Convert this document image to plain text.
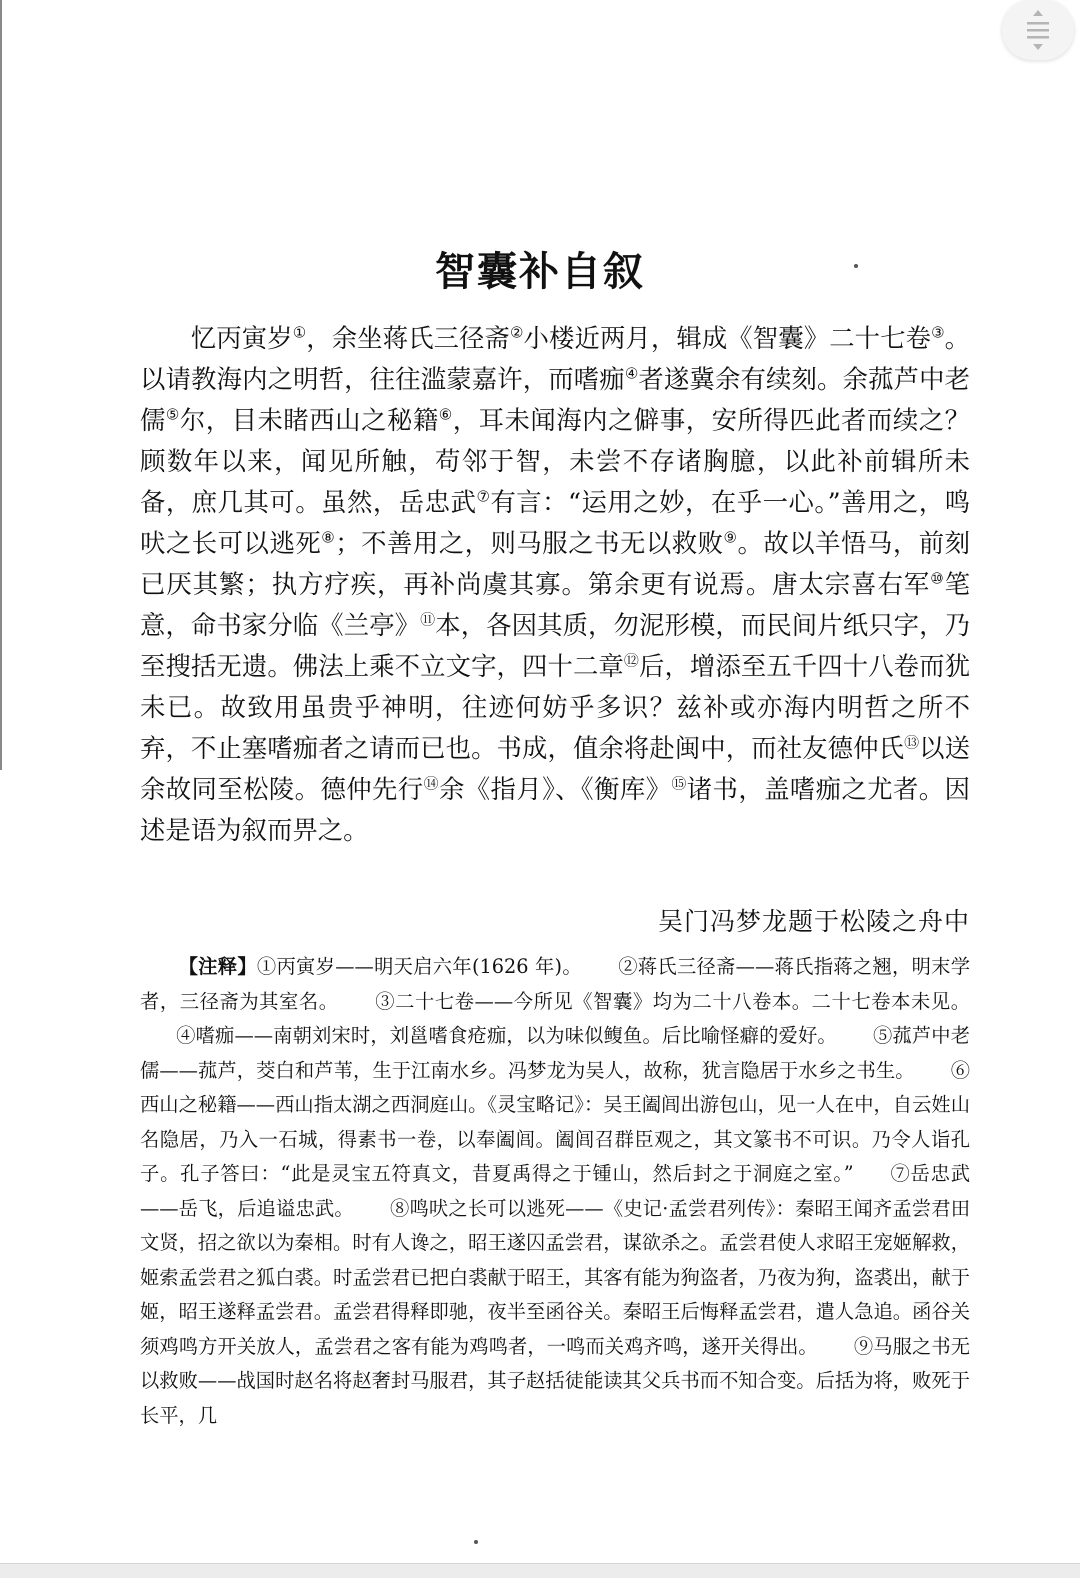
智囊补自叙

忆丙寅岁①，余坐蒋氏三径斋②小楼近两月，辑成《智囊》二十七卷③。以请教海内之明哲，往往滥蒙嘉许，而嗜痂④者遂冀余有续刻。余菰芦中老儒⑤尔，目未睹西山之秘籍⑥，耳未闻海内之僻事，安所得匹此者而续之？顾数年以来，闻见所触，苟邻于智，未尝不存诸胸臆，以此补前辑所未备，庶几其可。虽然，岳忠武⑦有言：“运用之妙，在乎一心。”善用之，鸣吠之长可以逃死⑧；不善用之，则马服之书无以救败⑨。故以羊悟马，前刻已厌其繁；执方疗疾，再补尚虞其寡。第余更有说焉。唐太宗喜右军⑩笔意，命书家分临《兰亭》⑪本，各因其质，勿泥形模，而民间片纸只字，乃至搜括无遗。佛法上乘不立文字，四十二章⑫后，增添至五千四十八卷而犹未已。故致用虽贵乎神明，往迹何妨乎多识？兹补或亦海内明哲之所不弃，不止塞嗜痂者之请而已也。书成，值余将赴闽中，而社友德仲氏⑬以送余故同至松陵。德仲先行⑭余《指月》、《衡库》⑮诸书，盖嗜痂之尤者。因述是语为叙而畀之。

吴门冯梦龙题于松陵之舟中

【注释】①丙寅岁——明天启六年(1626 年)。 ②蒋氏三径斋——蒋氏指蒋之翘，明末学者，三径斋为其室名。 ③二十七卷——今所见《智囊》均为二十八卷本。二十七卷本未见。④嗜痂——南朝刘宋时，刘邕嗜食疮痂，以为味似鳆鱼。后比喻怪癖的爱好。 ⑤菰芦中老儒——菰芦，茭白和芦苇，生于江南水乡。冯梦龙为吴人，故称，犹言隐居于水乡之书生。 ⑥西山之秘籍——西山指太湖之西洞庭山。《灵宝略记》：吴王阖闾出游包山，见一人在中，自云姓山名隐居，乃入一石城，得素书一卷，以奉阖闾。阖闾召群臣观之，其文篆书不可识。乃令人诣孔子。孔子答曰：“此是灵宝五符真文，昔夏禹得之于锺山，然后封之于洞庭之室。” ⑦岳忠武——岳飞，后追谥忠武。 ⑧鸣吠之长可以逃死——《史记·孟尝君列传》：秦昭王闻齐孟尝君田文贤，招之欲以为秦相。时有人谗之，昭王遂囚孟尝君，谋欲杀之。孟尝君使人求昭王宠姬解救，姬索孟尝君之狐白裘。时孟尝君已把白裘献于昭王，其客有能为狗盗者，乃夜为狗，盗裘出，献于姬，昭王遂释孟尝君。孟尝君得释即驰，夜半至函谷关。秦昭王后悔释孟尝君，遣人急追。函谷关须鸡鸣方开关放人，孟尝君之客有能为鸡鸣者，一鸣而关鸡齐鸣，遂开关得出。 ⑨马服之书无以救败——战国时赵名将赵奢封马服君，其子赵括徒能读其父兵书而不知合变。后括为将，败死于长平，几
